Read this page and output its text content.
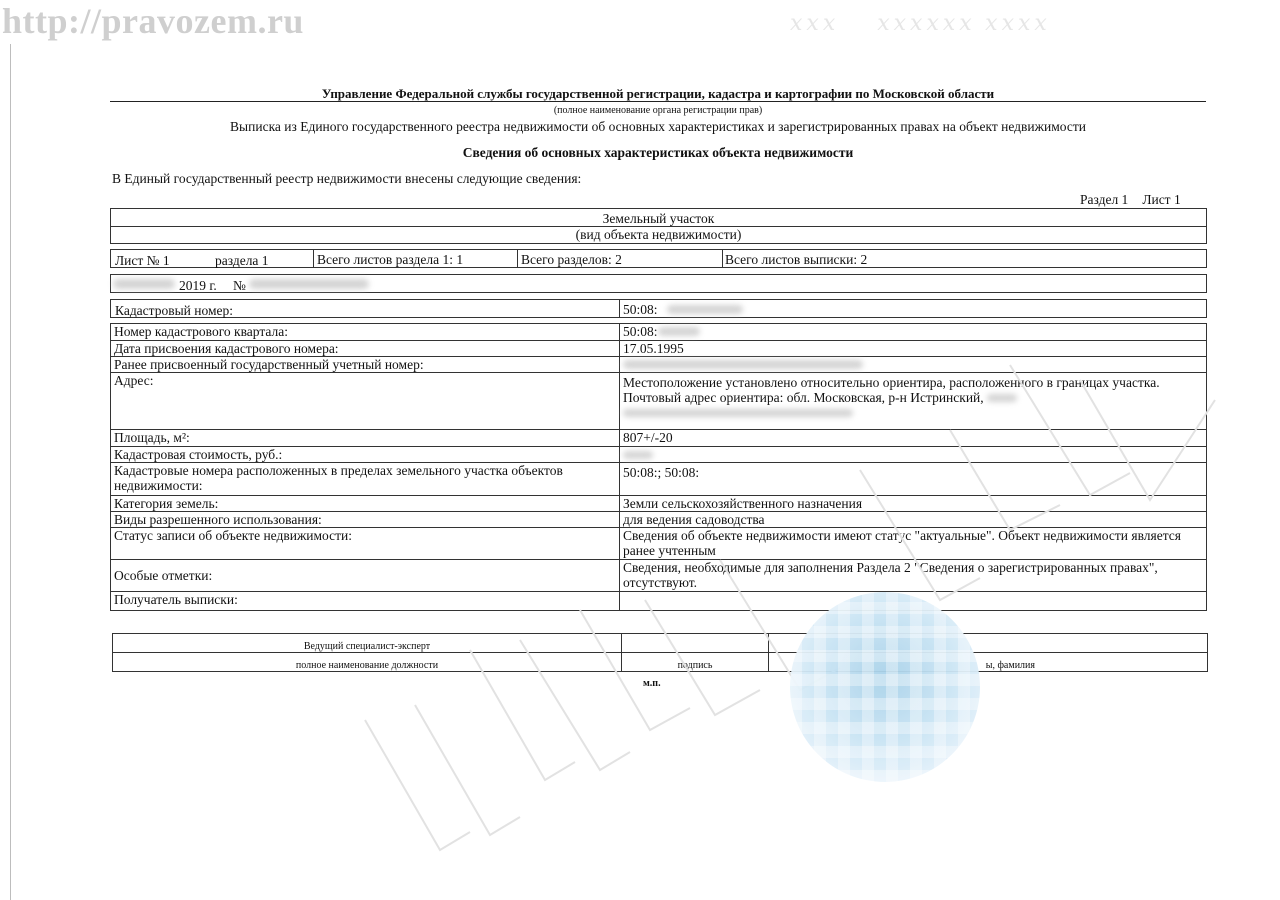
http://pravozem.ru	𝑥𝑥𝑥    𝑥𝑥𝑥𝑥𝑥𝑥 𝑥𝑥𝑥𝑥
Управление Федеральной службы государственной регистрации, кадастра и картографии по Московской области
(полное наименование органа регистрации прав)
Выписка из Единого государственного реестра недвижимости об основных характеристиках и зарегистрированных правах на объект недвижимости
Сведения об основных характеристиках объекта недвижимости
В Единый государственный реестр недвижимости внесены следующие сведения:
Раздел 1 Лист 1
Земельный участок
(вид объекта недвижимости)
Лист № 1	раздела 1	Всего листов раздела 1: 1	Всего разделов: 2	Всего листов выписки: 2
2019 г. №
Кадастровый номер:	50:08:
Номер кадастрового квартала:	50:08:
Дата присвоения кадастрового номера:	17.05.1995
Ранее присвоенный государственный учетный номер:	
Адрес:	Местоположение установлено относительно ориентира, расположенного в границах участка. Почтовый адрес ориентира: обл. Московская, р-н Истринский,

Площадь, м²:	807+/-20
Кадастровая стоимость, руб.:	
Кадастровые номера расположенных в пределах земельного участка объектов недвижимости:	50:08:; 50:08:
Категория земель:	Земли сельскохозяйственного назначения
Виды разрешенного использования:	для ведения садоводства
Статус записи об объекте недвижимости:	Сведения об объекте недвижимости имеют статус "актуальные". Объект недвижимости является ранее учтенным
Особые отметки:	Сведения, необходимые для заполнения Раздела 2 "Сведения о зарегистрированных правах", отсутствуют.
Получатель выписки:	
Ведущий специалист-эксперт		
полное наименование должности	подпись	ы, фамилия
м.п.
